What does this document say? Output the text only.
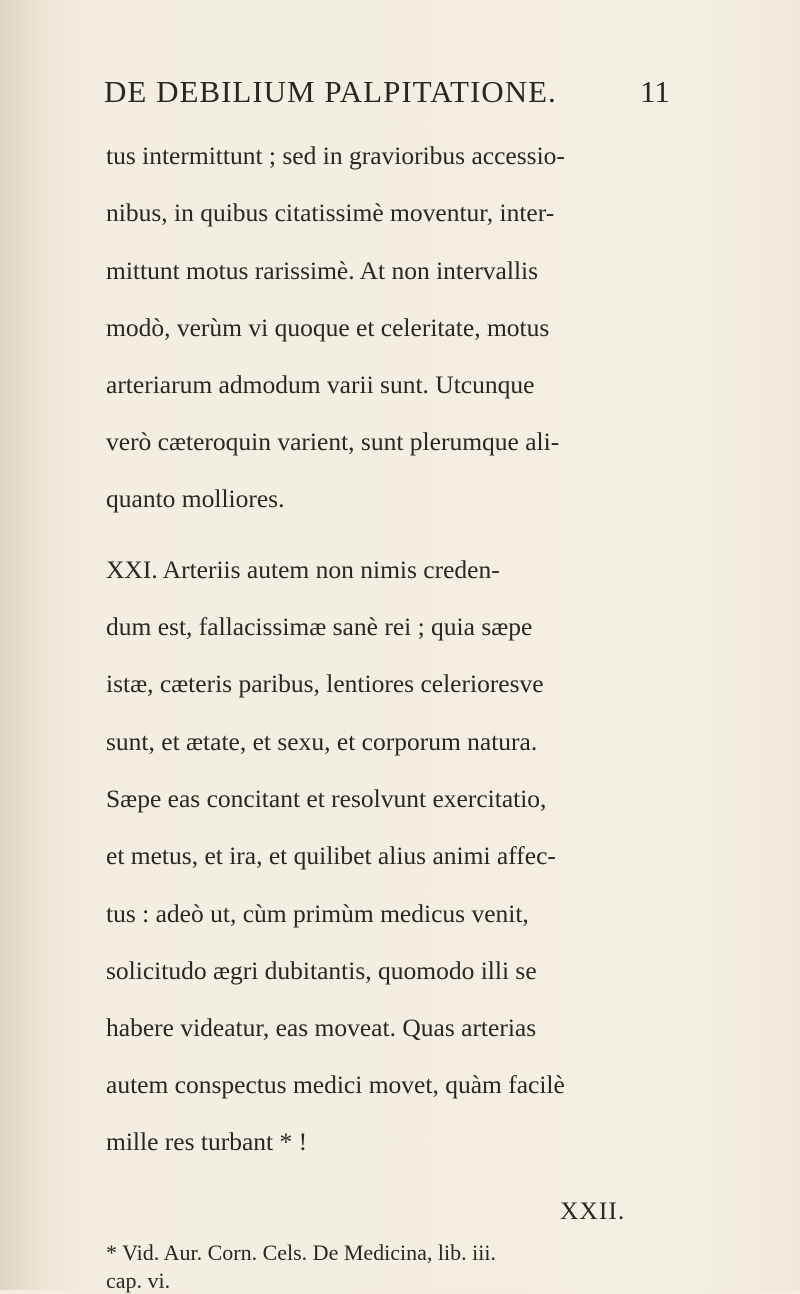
DE DEBILIUM PALPITATIONE.	11
tus intermittunt ; sed in gravioribus accessio-
nibus, in quibus citatissimè moventur, inter-
mittunt motus rarissimè. At non intervallis
modò, verùm vi quoque et celeritate, motus
arteriarum admodum varii sunt. Utcunque
verò cæteroquin varient, sunt plerumque ali-
quanto molliores.
XXI. Arteriis autem non nimis creden-
dum est, fallacissimæ sanè rei ; quia sæpe
istæ, cæteris paribus, lentiores celerioresve
sunt, et ætate, et sexu, et corporum natura.
Sæpe eas concitant et resolvunt exercitatio,
et metus, et ira, et quilibet alius animi affec-
tus : adeò ut, cùm primùm medicus venit,
solicitudo ægri dubitantis, quomodo illi se
habere videatur, eas moveat. Quas arterias
autem conspectus medici movet, quàm facilè
mille res turbant * !
XXII.
* Vid. Aur. Corn. Cels. De Medicina, lib. iii.
cap. vi.
